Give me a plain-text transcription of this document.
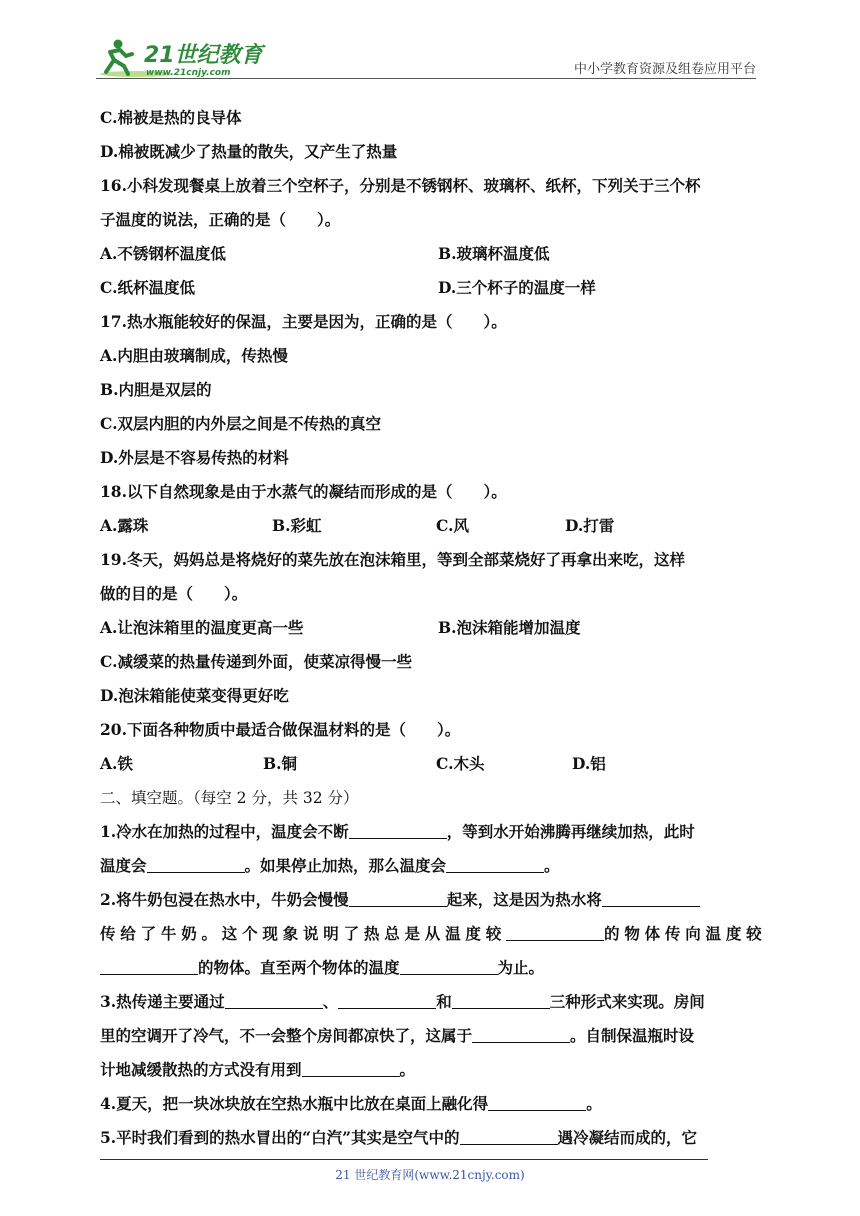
21世纪教育
www.21cnjy.com	中小学教育资源及组卷应用平台
C.棉被是热的良导体
D.棉被既减少了热量的散失，又产生了热量
16.小科发现餐桌上放着三个空杯子，分别是不锈钢杯、玻璃杯、纸杯，下列关于三个杯
子温度的说法，正确的是（　　）。
A.不锈钢杯温度低	B.玻璃杯温度低
C.纸杯温度低	D.三个杯子的温度一样
17.热水瓶能较好的保温，主要是因为，正确的是（　　）。
A.内胆由玻璃制成，传热慢
B.内胆是双层的
C.双层内胆的内外层之间是不传热的真空
D.外层是不容易传热的材料
18.以下自然现象是由于水蒸气的凝结而形成的是（　　）。
A.露珠	B.彩虹	C.风	D.打雷
19.冬天，妈妈总是将烧好的菜先放在泡沫箱里，等到全部菜烧好了再拿出来吃，这样
做的目的是（　　）。
A.让泡沫箱里的温度更高一些	B.泡沫箱能增加温度
C.减缓菜的热量传递到外面，使菜凉得慢一些
D.泡沫箱能使菜变得更好吃
20.下面各种物质中最适合做保温材料的是（　　）。
A.铁	B.铜	C.木头	D.铝
二、填空题。（每空 2 分，共 32 分）
1.冷水在加热的过程中，温度会不断	，等到水开始沸腾再继续加热，此时
温度会	。如果停止加热，那么温度会	。
2.将牛奶包浸在热水中，牛奶会慢慢	起来，这是因为热水将
传给了牛奶。这个现象说明了热总是从温度较	的物体传向温度较
的物体。直至两个物体的温度	为止。
3.热传递主要通过	、	和	三种形式来实现。房间
里的空调开了冷气，不一会整个房间都凉快了，这属于	。自制保温瓶时设
计地减缓散热的方式没有用到	。
4.夏天，把一块冰块放在空热水瓶中比放在桌面上融化得	。
5.平时我们看到的热水冒出的“白汽”其实是空气中的	遇冷凝结而成的，它
21 世纪教育网(www.21cnjy.com)
